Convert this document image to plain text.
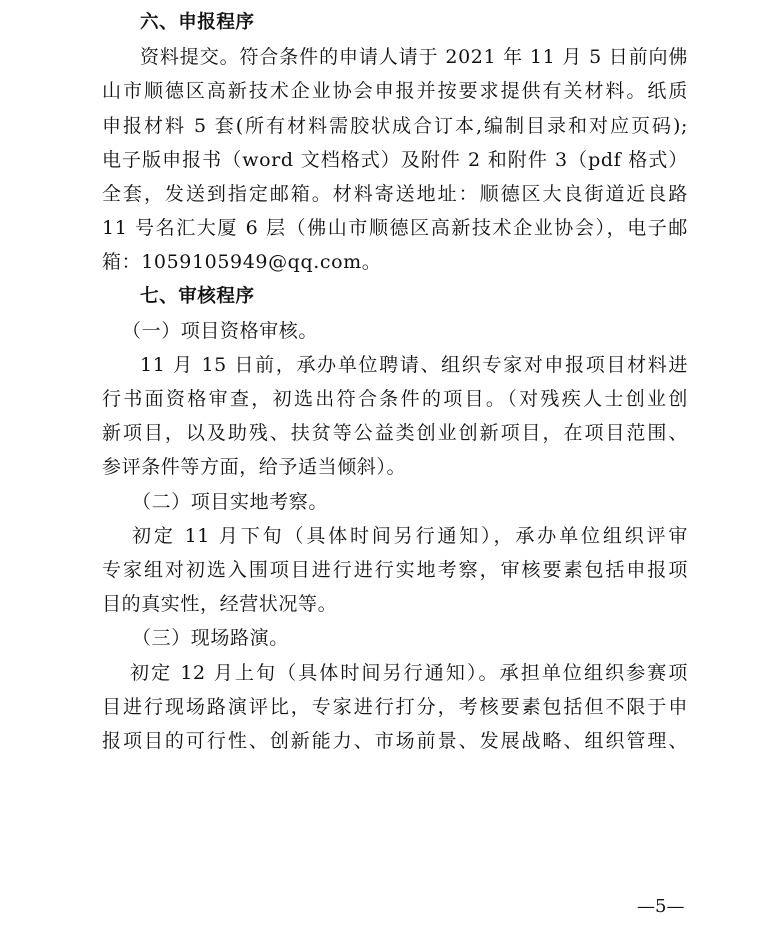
六、申报程序
资料提交。符合条件的申请人请于 2021 年 11 月 5 日前向佛
山市顺德区高新技术企业协会申报并按要求提供有关材料。纸质
申报材料 5 套(所有材料需胶状成合订本,编制目录和对应页码);
电子版申报书（word 文档格式）及附件 2 和附件 3（pdf 格式）
全套，发送到指定邮箱。材料寄送地址：顺德区大良街道近良路
11 号名汇大厦 6 层（佛山市顺德区高新技术企业协会），电子邮
箱：1059105949@qq.com。
七、审核程序
（一）项目资格审核。
11 月 15 日前，承办单位聘请、组织专家对申报项目材料进
行书面资格审查，初选出符合条件的项目。（对残疾人士创业创
新项目，以及助残、扶贫等公益类创业创新项目，在项目范围、
参评条件等方面，给予适当倾斜）。
（二）项目实地考察。
初定 11 月下旬（具体时间另行通知），承办单位组织评审
专家组对初选入围项目进行进行实地考察，审核要素包括申报项
目的真实性，经营状况等。
（三）现场路演。
初定 12 月上旬（具体时间另行通知）。承担单位组织参赛项
目进行现场路演评比，专家进行打分，考核要素包括但不限于申
报项目的可行性、创新能力、市场前景、发展战略、组织管理、
—5—
